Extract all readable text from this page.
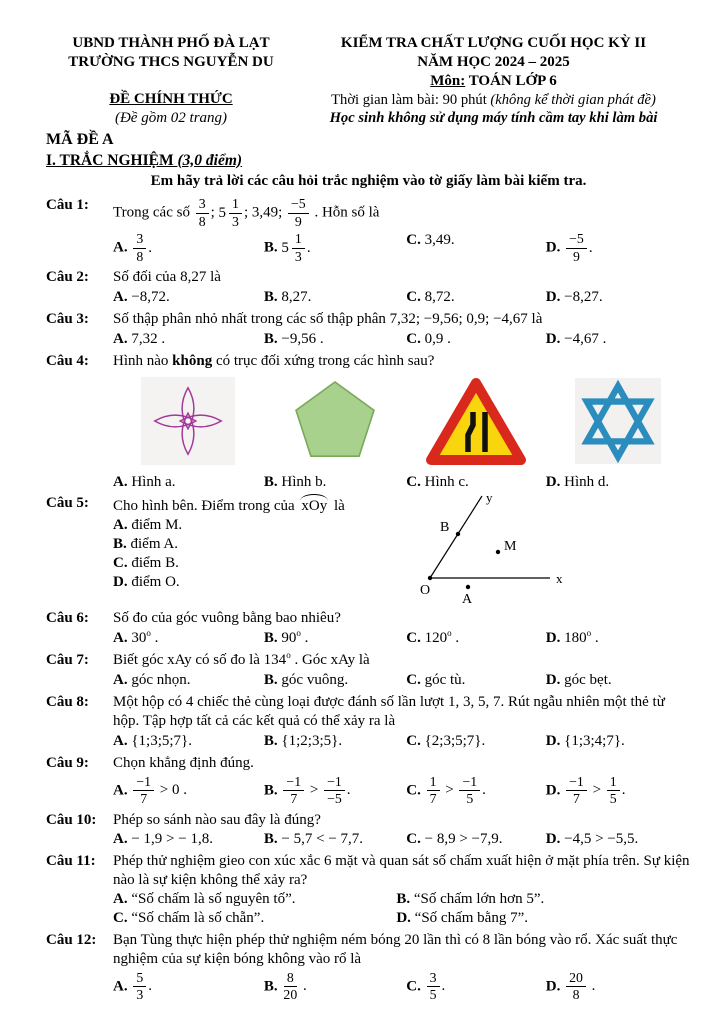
UBND THÀNH PHỐ ĐÀ LẠT
TRƯỜNG THCS NGUYỄN DU
ĐỀ CHÍNH THỨC
(Đề gồm 02 trang)
KIỂM TRA CHẤT LƯỢNG CUỐI HỌC KỲ II
NĂM HỌC 2024 – 2025
Môn: TOÁN LỚP 6
Thời gian làm bài: 90 phút (không kể thời gian phát đề)
Học sinh không sử dụng máy tính cầm tay khi làm bài
MÃ ĐỀ A
I. TRẮC NGHIỆM (3,0 điểm)
Em hãy trả lời các câu hỏi trắc nghiệm vào tờ giấy làm bài kiểm tra.
Câu 1:	Trong các số $\frac{3}{8}$ ; $5 \frac{1}{3}$ ; 3,49; $\frac{-5}{9}$ . Hỗn số là
A. $\frac{3}{8}$ .	B. $5 \frac{1}{3}$ .	C. 3,49.	D. $\frac{-5}{9}$ .
Câu 2:	Số đối của 8,27 là
A. −8,72.	B. 8,27.	C. 8,72.	D. −8,27.
Câu 3:	Số thập phân nhỏ nhất trong các số thập phân 7,32; −9,56; 0,9; −4,67 là
A. 7,32 .	B. −9,56 .	C. 0,9 .	D. −4,67 .
Câu 4:	Hình nào không có trục đối xứng trong các hình sau?
A. Hình a.	B. Hình b.	C. Hình c.	D. Hình d.
Câu 5:	Cho hình bên. Điểm trong của xOy là
A. điểm M.
B. điểm A.
C. điểm B.
D. điểm O.	x
y
B
M
O
A
Câu 6:	Số đo của góc vuông bằng bao nhiêu?
A. 30$^o$ .	B. 90$^o$ .	C. 120$^o$ .	D. 180$^o$ .
Câu 7:	Biết góc xAy có số đo là 134$^o$ . Góc xAy là
A. góc nhọn.	B. góc vuông.	C. góc tù.	D. góc bẹt.
Câu 8:	Một hộp có 4 chiếc thẻ cùng loại được đánh số lần lượt 1, 3, 5, 7. Rút ngẫu nhiên một thẻ từ hộp. Tập hợp tất cả các kết quả có thể xảy ra là
A. {1;3;5;7}.	B. {1;2;3;5}.	C. {2;3;5;7}.	D. {1;3;4;7}.
Câu 9:	Chọn khẳng định đúng.
A. $\frac{-1}{7} > 0$ .	B. $\frac{-1}{7} > \frac{-1}{-5}$ .	C. $\frac{1}{7} > \frac{-1}{5}$ .	D. $\frac{-1}{7} > \frac{1}{5}$ .
Câu 10:	Phép so sánh nào sau đây là đúng?
A. − 1,9 > − 1,8.	B. − 5,7 < − 7,7.	C. − 8,9 > −7,9.	D. −4,5 > −5,5.
Câu 11:	Phép thử nghiệm gieo con xúc xắc 6 mặt và quan sát số chấm xuất hiện ở mặt phía trên. Sự kiện nào là sự kiện không thể xảy ra?
A. “Số chấm là số nguyên tố”.	B. “Số chấm lớn hơn 5”.
C. “Số chấm là số chẵn”.	D. “Số chấm bằng 7”.
Câu 12:	Bạn Tùng thực hiện phép thử nghiệm ném bóng 20 lần thì có 8 lần bóng vào rổ. Xác suất thực nghiệm của sự kiện bóng không vào rổ là
A. $\frac{5}{3}$ .	B. $\frac{8}{20}$ .	C. $\frac{3}{5}$ .	D. $\frac{20}{8}$ .
